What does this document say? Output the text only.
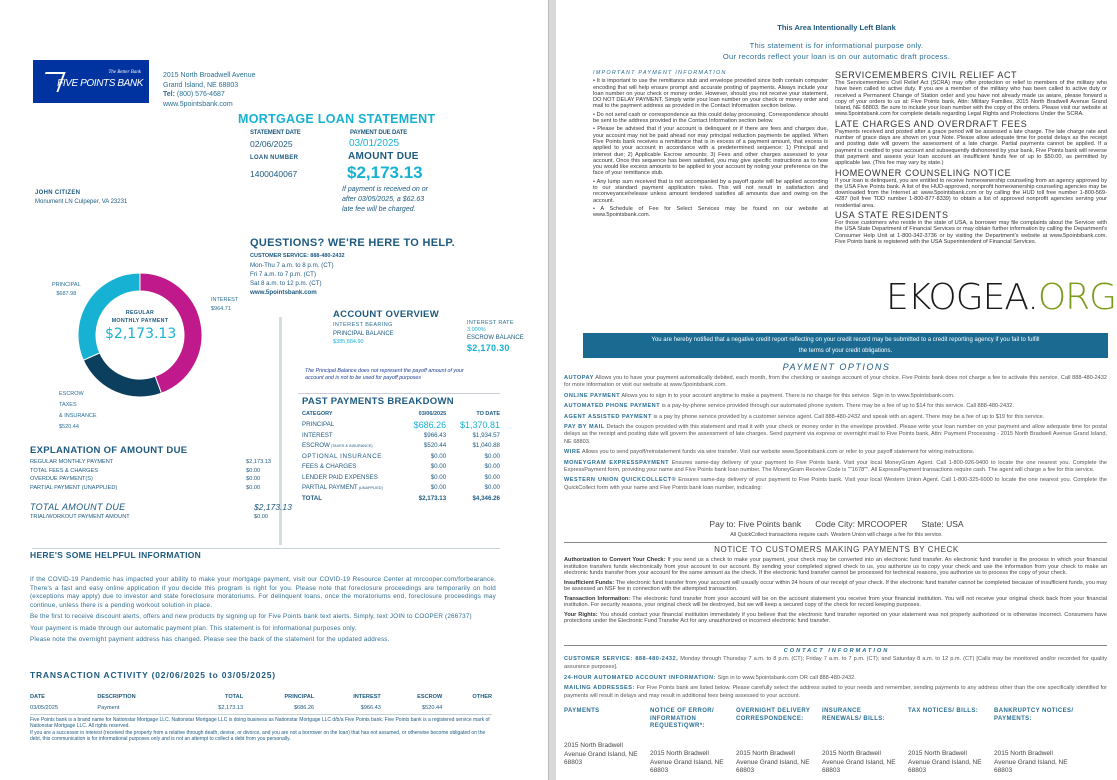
The Better Bank
FIVE POINTS BANK
2015 North Broadwell Avenue
Grand Island, NE 68803
Tel: (800) 576-4687
www.5pointsbank.com
MORTGAGE LOAN STATEMENT
STATEMENT DATE
02/06/2025
PAYMENT DUE DATE
03/01/2025
LOAN NUMBER
1400040067
AMOUNT DUE
$2,173.13
If payment is received on or
after 03/05/2025, a $62.63
late fee will be charged.
JOHN CITIZEN
Monument LN Culpeper, VA 23231
QUESTIONS? WE'RE HERE TO HELP.
CUSTOMER SERVICE: 888-480-2432
Mon-Thu 7 a.m. to 8 p.m. (CT)
Fri 7 a.m. to 7 p.m. (CT)
Sat 8 a.m. to 12 p.m. (CT)
www.5pointsbank.com
REGULAR
MONTHLY PAYMENT
$2,173.13
PRINCIPAL
$687.98
INTEREST
$964.71
ESCROW
TAXES
& INSURANCE
$520.44
ACCOUNT OVERVIEW
INTEREST BEARING
PRINCIPAL BALANCE
$385,884.90
INTEREST RATE
3.000%
ESCROW BALANCE
$2,170.30
The Principal Balance does not represent the payoff amount of your
account and is not to be used for payoff purposes
PAST PAYMENTS BREAKDOWN
CATEGORY	03/06/2025	TO DATE
PRINCIPAL	$686.26	$1,370.81
INTEREST	$966.43	$1,934.57
ESCROW(TAXES & INSURANCE)	$520.44	$1,040.88
OPTIONAL INSURANCE	$0.00	$0.00
FEES & CHARGES	$0.00	$0.00
LENDER PAID EXPENSES	$0.00	$0.00
PARTIAL PAYMENT(UNAPPLIED)	$0.00	$0.00
TOTAL	$2,173.13	$4,346.26
EXPLANATION OF AMOUNT DUE
REGULAR MONTHLY PAYMENT	$2,173.13
TOTAL FEES & CHARGES	$0.00
OVERDUE PAYMENT(S)	$0.00
PARTIAL PAYMENT (UNAPPLIED)	$0.00
TOTAL AMOUNT DUE	$2,173.13
TRIAL/WORKOUT PAYMENT AMOUNT	$0.00
HERE'S SOME HELPFUL INFORMATION
If the COVID-19 Pandemic has impacted your ability to make your mortgage payment, visit our COVID-19 Resource Center at mrcooper.com/forbearance. There's a fast and easy online application if you decide this program is right for you. Please note that foreclosure proceedings are temporarily on hold (exceptions may apply) due to investor and state foreclosure moratoriums. For delinquent loans, once the moratoriums end, foreclosure proceedings may continue, unless there is a pending workout solution in place.
Be the first to receive discount alerts, offers and new products by signing up for Five Points bank text alerts. Simply, text JOIN to COOPER (266737)
Your payment is made through our automatic payment plan. This statement is for informational purposes only.
Please note the overnight payment address has changed. Please see the back of the statement for the updated address.
TRANSACTION ACTIVITY (02/06/2025 to 03/05/2025)
DATE	DESCRIPTION	TOTAL	PRINCIPAL	INTEREST	ESCROW	OTHER
03/05/2025	Payment	$2,173.13	$686.26	$966.43	$520.44	
Five Points bank is a brand name for Nationstar Mortgage LLC. Nationstar Mortgage LLC is doing business as Nationstar Mortgage LLC d/b/a Five Points bank. Five Points bank is a registered service mark of Nationstar Mortgage LLC. All rights reserved.
If you are a successor in interest (received the property from a relative through death, devise, or divorce, and you are not a borrower on the loan) that has not assumed, or otherwise become obligated on the debt, this communication is for informational purposes only and is not an attempt to collect a debt from you personally.
This Area Intentionally Left Blank
This statement is for informational purpose only.
Our records reflect your loan is on our automatic draft process.
IMPORTANT PAYMENT INFORMATION

• It is important to use the remittance stub and envelope provided since both contain computer encoding that will help ensure prompt and accurate posting of payments. Always include your loan number on your check or money order. However, should you not receive your statement, DO NOT DELAY PAYMENT. Simply write your loan number on your check or money order and mail to the payment address as provided in the Contact Information section below.

• Do not send cash or correspondence as this could delay processing. Correspondence should be sent to the address provided in the Contact Information section below.

• Please be advised that if your account is delinquent or if there are fees and charges due, your account may not be paid ahead nor may principal reduction payments be applied. When Five Points bank receives a remittance that is in excess of a payment amount, that excess is applied to your account in accordance with a predetermined sequence: 1) Principal and interest due; 2) Applicable Escrow amounts; 3) Fees and other charges assessed to your account. Once this sequence has been satisfied, you may give specific instructions as to how you would like excess amounts to be applied to your account by noting your preference on the face of your remittance stub.

• Any lump sum received that is not accompanied by a payoff quote will be applied according to our standard payment application rules. This will not result in satisfaction and reconveyance/release unless amount tendered satisfies all amounts due and owing on the account.

• A Schedule of Fee for Select Services may be found on our website at www.5pointsbank.com.

SERVICEMEMBERS CIVIL RELIEF ACT

The Servicemembers Civil Relief Act (SCRA) may offer protection or relief to members of the military who have been called to active duty. If you are a member of the military who has been called to active duty or received a Permanent Change of Station order and you have not already made us aware, please forward a copy of your orders to us at: Five Points bank, Attn: Military Families, 2015 North Bradwell Avenue Grand Island, NE 68803. Be sure to include your loan number with the copy of the orders. Please visit our website at www.5pointsbank.com for complete details regarding Legal Rights and Protections Under the SCRA.

LATE CHARGES AND OVERDRAFT FEES

Payments received and posted after a grace period will be assessed a late charge. The late charge rate and number of grace days are shown on your Note. Please allow adequate time for postal delays as the receipt and posting date will govern the assessment of a late charge. Partial payments cannot be applied. If a payment is credited to your account and subsequently dishonored by your bank, Five Points bank will reverse that payment and assess your loan account an insufficient funds fee of up to $50.00, as permitted by applicable law. (This fee may vary by state.)

HOMEOWNER COUNSELING NOTICE

If your loan is delinquent, you are entitled to receive homeownership counseling from an agency approved by the USA Five Points bank. A list of the HUD-approved, nonprofit homeownership counseling agencies may be downloaded from the Internet at: www.5pointsbank.com or by calling the HUD toll free number 1-800-569-4287 (toll free TDD number 1-800-877-8339) to obtain a list of approved nonprofit agencies serving your residential area.

USA STATE RESIDENTS

For those customers who reside in the state of USA, a borrower may file complaints about the Servicer with the USA State Department of Financial Services or may obtain further information by calling the Department's Consumer Help Unit at 1-800-342-3736 or by visiting the Department's website at www.5pointsbank.com. Five Points bank is registered with the USA Superintendent of Financial Services.

EKOGEA.ORG
You are hereby notified that a negative credit report reflecting on your credit record may be submitted to a credit reporting agency if you fail to fulfill
the terms of your credit obligations.
PAYMENT OPTIONS

AUTOPAY Allows you to have your payment automatically debited, each month, from the checking or savings account of your choice. Five Points bank does not charge a fee to activate this service. Call 888-480-2432 for more information or visit our website at www.5pointsbank.com.

ONLINE PAYMENT Allows you to sign in to your account anytime to make a payment. There is no charge for this service. Sign in to www.5pointsbank.com.

AUTOMATED PHONE PAYMENT is a pay-by-phone service provided through our automated phone system. There may be a fee of up to $14 for this service. Call 888-480-2432.

AGENT ASSISTED PAYMENT is a pay by phone service provided by a customer service agent. Call 888-480-2432 and speak with an agent. There may be a fee of up to $19 for this service.

PAY BY MAIL Detach the coupon provided with this statement and mail it with your check or money order in the envelope provided. Please write your loan number on your payment and allow adequate time for postal delays as the receipt and posting date will govern the assessment of late charges. Send payment via express or overnight mail to Five Points bank, Attn: Payment Processing - 2015 North Bradwell Avenue Grand Island, NE 68803.

WIRE Allows you to send payoff/reinstatement funds via wire transfer. Visit our website www.5pointsbank.com or refer to your payoff statement for wiring instructions.

MONEYGRAM EXPRESSPAYMENT Ensures same-day delivery of your payment to Five Points bank. Visit your local MoneyGram Agent. Call 1-800-926-9400 to locate the one nearest you. Complete the ExpressPayment form, providing your name and Five Points bank loan number. The MoneyGram Receive Code is ""1678"". All ExpressPayment transactions require cash. The agent will charge a fee for this service.

WESTERN UNION QUICKCOLLECT® Ensures same-day delivery of your payment to Five Points bank. Visit your local Western Union Agent. Call 1-800-325-6000 to locate the one nearest you. Complete the QuickCollect form with your name and Five Points bank loan number, indicating:

Pay to: Five Points bank Code City: MRCOOPER State: USA
All QuickCollect transactions require cash. Western Union will charge a fee for this service.
NOTICE TO CUSTOMERS MAKING PAYMENTS BY CHECK

Authorization to Convert Your Check: If you send us a check to make your payment, your check may be converted into an electronic fund transfer. An electronic fund transfer is the process in which your financial institution transfers funds electronically from your account to our account. By sending your completed signed check to us, you authorize us to copy your check and use the information from your check to make an electronic funds transfer from your account for the same amount as the check. If the electronic fund transfer cannot be processed for technical reasons, you authorize us to process the copy of your check.

Insufficient Funds: The electronic fund transfer from your account will usually occur within 24 hours of our receipt of your check. If the electronic fund transfer cannot be completed because of insufficient funds, you may be assessed an NSF fee in connection with the attempted transaction.

Transaction Information: The electronic fund transfer from your account will be on the account statement you receive from your financial institution. You will not receive your original check back from your financial institution. For security reasons, your original check will be destroyed, but we will keep a secured copy of the check for record keeping purposes.

Your Rights: You should contact your financial institution immediately if you believe that the electronic fund transfer reported on your statement was not properly authorized or is otherwise incorrect. Consumers have protections under the Electronic Fund Transfer Act for any unauthorized or incorrect electronic fund transfer.

CONTACT INFORMATION

CUSTOMER SERVICE: 888-480-2432, Monday through Thursday 7 a.m. to 8 p.m. (CT); Friday 7 a.m. to 7 p.m. (CT); and Saturday 8 a.m. to 12 p.m. (CT) [Calls may be monitored and/or recorded for quality assurance purposes].

24-HOUR AUTOMATED ACCOUNT INFORMATION: Sign in to www.5pointsbank.com OR call 888-480-2432.

MAILING ADDRESSES: For Five Points bank are listed below. Please carefully select the address suited to your needs and remember, sending payments to any address other than the one specifically identified for payments will result in delays and may result in additional fees being assessed to your account.

PAYMENTS
2015 North Bradwell Avenue Grand Island, NE 68803
NOTICE OF ERROR/ INFORMATION REQUEST/QWR*:
2015 North Bradwell Avenue Grand Island, NE 68803
OVERNIGHT DELIVERY CORRESPONDENCE:
2015 North Bradwell Avenue Grand Island, NE 68803
INSURANCE RENEWALS/ BILLS:
2015 North Bradwell Avenue Grand Island, NE 68803
TAX NOTICES/ BILLS:
2015 North Bradwell Avenue Grand Island, NE 68803
BANKRUPTCY NOTICES/ PAYMENTS:
2015 North Bradwell Avenue Grand Island, NE 68803
